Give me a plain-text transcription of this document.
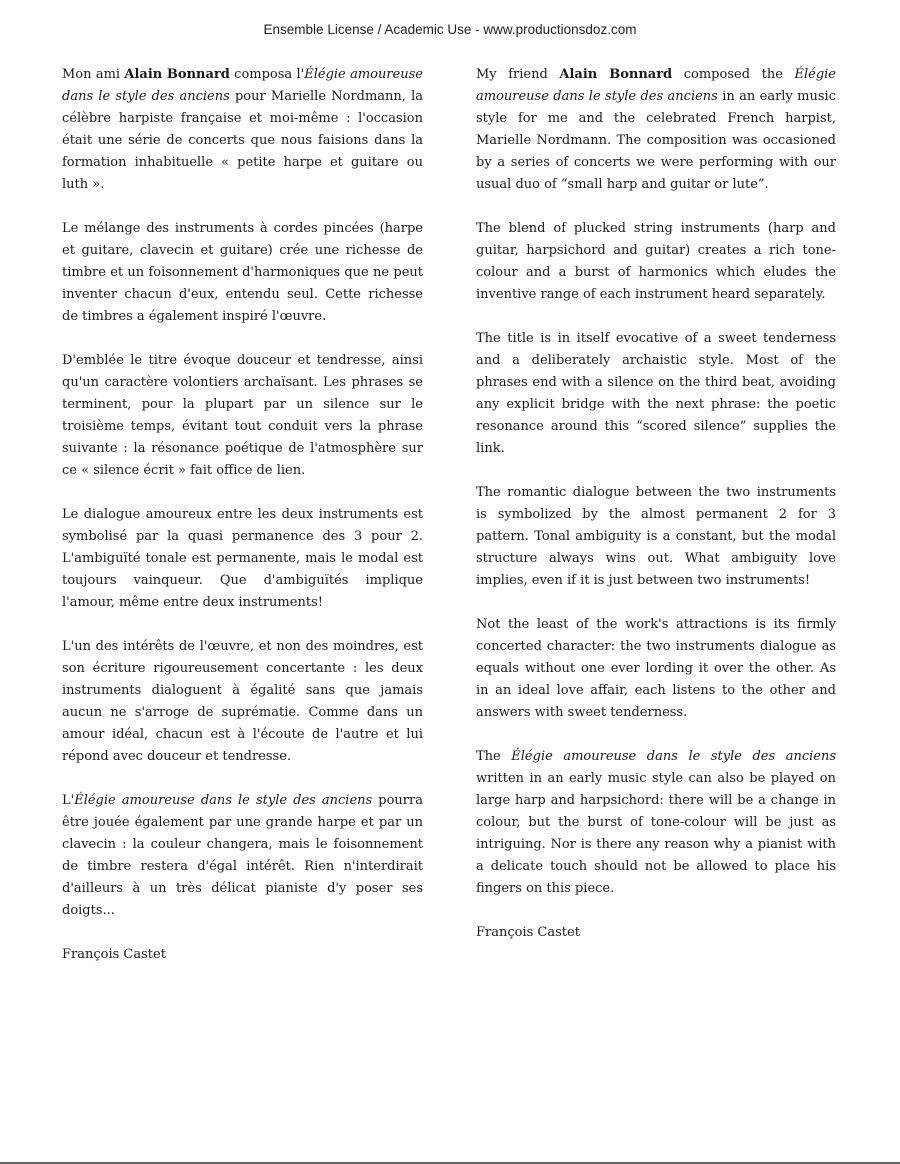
Ensemble License / Academic Use - www.productionsdoz.com

Mon ami Alain Bonnard composa l'Élégie amoureuse dans le style des anciens pour Marielle Nordmann, la célèbre harpiste française et moi-même : l'occasion était une série de concerts que nous faisions dans la formation inhabituelle « petite harpe et guitare ou luth ».

Le mélange des instruments à cordes pincées (harpe et guitare, clavecin et guitare) crée une richesse de timbre et un foisonnement d'harmoniques que ne peut inventer chacun d'eux, entendu seul. Cette richesse de timbres a également inspiré l'œuvre.

D'emblée le titre évoque douceur et tendresse, ainsi qu'un caractère volontiers archaïsant. Les phrases se terminent, pour la plupart par un silence sur le troisième temps, évitant tout conduit vers la phrase suivante : la résonance poétique de l'atmosphère sur ce « silence écrit » fait office de lien.

Le dialogue amoureux entre les deux instruments est symbolisé par la quasi permanence des 3 pour 2. L'ambiguïté tonale est permanente, mais le modal est toujours vainqueur. Que d'ambiguïtés implique l'amour, même entre deux instruments!

L'un des intérêts de l'œuvre, et non des moindres, est son écriture rigoureusement concertante : les deux instruments dialoguent à égalité sans que jamais aucun ne s'arroge de suprématie. Comme dans un amour idéal, chacun est à l'écoute de l'autre et lui répond avec douceur et tendresse.

L'Élégie amoureuse dans le style des anciens pourra être jouée également par une grande harpe et par un clavecin : la couleur changera, mais le foisonnement de timbre restera d'égal intérêt. Rien n'interdirait d'ailleurs à un très délicat pianiste d'y poser ses doigts...

François Castet

My friend Alain Bonnard composed the Élégie amoureuse dans le style des anciens in an early music style for me and the celebrated French harpist, Marielle Nordmann. The composition was occasioned by a series of concerts we were performing with our usual duo of “small harp and guitar or lute”.

The blend of plucked string instruments (harp and guitar, harpsichord and guitar) creates a rich tone-colour and a burst of harmonics which eludes the inventive range of each instrument heard separately.

The title is in itself evocative of a sweet tenderness and a deliberately archaistic style. Most of the phrases end with a silence on the third beat, avoiding any explicit bridge with the next phrase: the poetic resonance around this “scored silence” supplies the link.

The romantic dialogue between the two instruments is symbolized by the almost permanent 2 for 3 pattern. Tonal ambiguity is a constant, but the modal structure always wins out. What ambiguity love implies, even if it is just between two instruments!

Not the least of the work's attractions is its firmly concerted character: the two instruments dialogue as equals without one ever lording it over the other. As in an ideal love affair, each listens to the other and answers with sweet tenderness.

The Élégie amoureuse dans le style des anciens written in an early music style can also be played on large harp and harpsichord: there will be a change in colour, but the burst of tone-colour will be just as intriguing. Nor is there any reason why a pianist with a delicate touch should not be allowed to place his fingers on this piece.

François Castet
